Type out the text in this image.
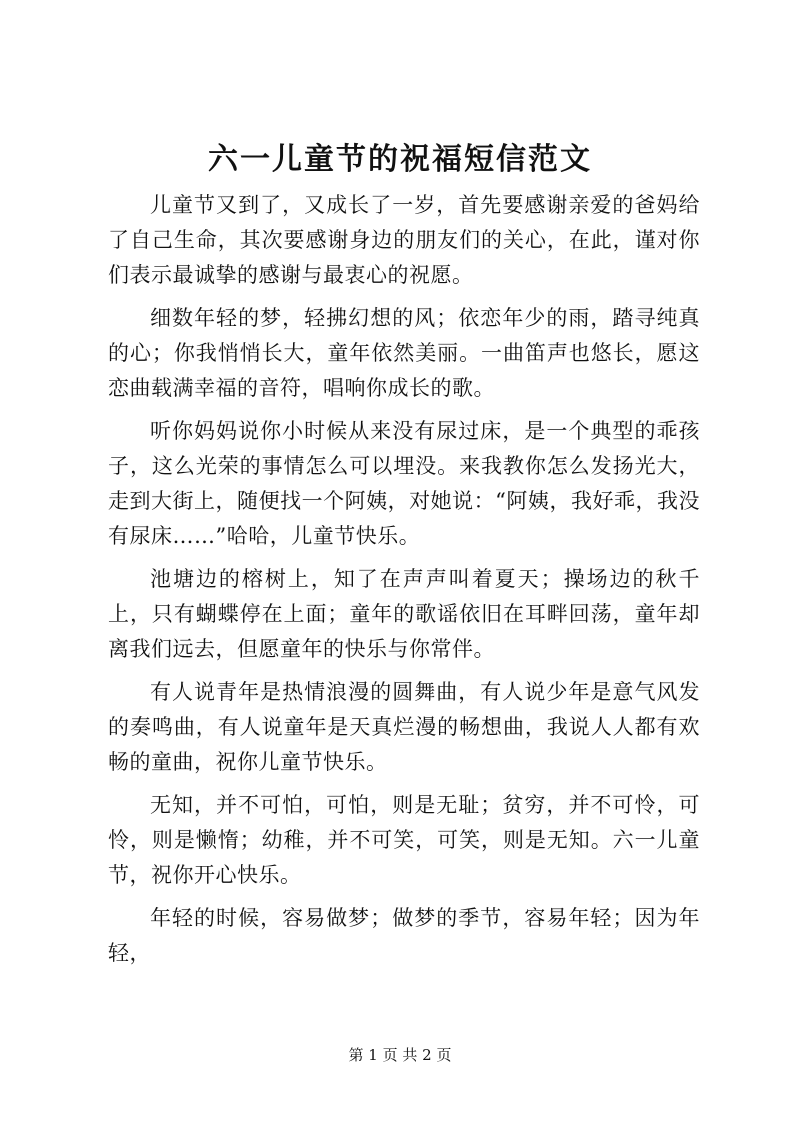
六一儿童节的祝福短信范文

儿童节又到了，又成长了一岁，首先要感谢亲爱的爸妈给了自己生命，其次要感谢身边的朋友们的关心，在此，谨对你们表示最诚挚的感谢与最衷心的祝愿。

细数年轻的梦，轻拂幻想的风；依恋年少的雨，踏寻纯真的心；你我悄悄长大，童年依然美丽。一曲笛声也悠长，愿这恋曲载满幸福的音符，唱响你成长的歌。

听你妈妈说你小时候从来没有尿过床，是一个典型的乖孩子，这么光荣的事情怎么可以埋没。来我教你怎么发扬光大，走到大街上，随便找一个阿姨，对她说：“阿姨，我好乖，我没有尿床……”哈哈，儿童节快乐。

池塘边的榕树上，知了在声声叫着夏天；操场边的秋千上，只有蝴蝶停在上面；童年的歌谣依旧在耳畔回荡，童年却离我们远去，但愿童年的快乐与你常伴。

有人说青年是热情浪漫的圆舞曲，有人说少年是意气风发的奏鸣曲，有人说童年是天真烂漫的畅想曲，我说人人都有欢畅的童曲，祝你儿童节快乐。

无知，并不可怕，可怕，则是无耻；贫穷，并不可怜，可怜，则是懒惰；幼稚，并不可笑，可笑，则是无知。六一儿童节，祝你开心快乐。

年轻的时候，容易做梦；做梦的季节，容易年轻；因为年轻，

第 1 页 共 2 页
